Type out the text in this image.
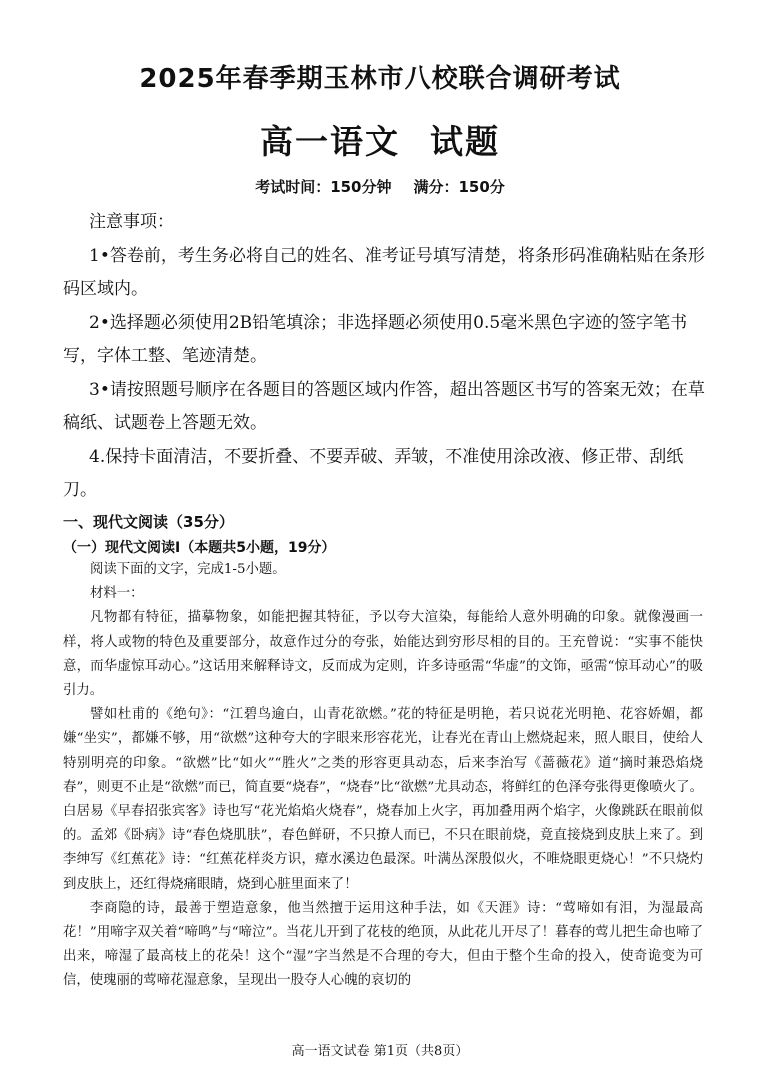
2025年春季期玉林市八校联合调研考试
高一语文 试题
考试时间：150分钟 满分：150分
注意事项：
1•答卷前，考生务必将自己的姓名、准考证号填写清楚，将条形码准确粘贴在条形码区域内。
2•选择题必须使用2B铅笔填涂；非选择题必须使用0.5毫米黑色字迹的签字笔书写，字体工整、笔迹清楚。
3•请按照题号顺序在各题目的答题区域内作答，超出答题区书写的答案无效；在草稿纸、试题卷上答题无效。
4.保持卡面清洁，不要折叠、不要弄破、弄皱，不准使用涂改液、修正带、刮纸刀。
一、现代文阅读（35分）
（一）现代文阅读Ⅰ（本题共5小题，19分）

阅读下面的文字，完成1-5小题。

材料一：

凡物都有特征，描摹物象，如能把握其特征，予以夸大渲染，每能给人意外明确的印象。就像漫画一样，将人或物的特色及重要部分，故意作过分的夸张，始能达到穷形尽相的目的。王充曾说：“实事不能快意，而华虚惊耳动心。”这话用来解释诗文，反而成为定则，许多诗亟需“华虚”的文饰，亟需“惊耳动心”的吸引力。

譬如杜甫的《绝句》：“江碧鸟逾白，山青花欲燃。”花的特征是明艳，若只说花光明艳、花容娇媚，都嫌“坐实”，都嫌不够，用“欲燃”这种夸大的字眼来形容花光，让春光在青山上燃烧起来，照人眼目，使给人特别明亮的印象。“欲燃”比“如火”“胜火”之类的形容更具动态，后来李治写《蔷薇花》道“摘时兼恐焰烧春”，则更不止是“欲燃”而已，简直要“烧春”，“烧春”比“欲燃”尤具动态，将鲜红的色泽夸张得更像喷火了。白居易《早春招张宾客》诗也写“花光焰焰火烧春”，烧春加上火字，再加叠用两个焰字，火像跳跃在眼前似的。孟郊《卧病》诗“春色烧肌肤”，春色鲜研，不只撩人而已，不只在眼前烧，竟直接烧到皮肤上来了。到李绅写《红蕉花》诗：“红蕉花样炎方识，瘴水溪边色最深。叶满丛深殷似火，不唯烧眼更烧心！”不只烧灼到皮肤上，还红得烧痛眼睛，烧到心脏里面来了！

李商隐的诗，最善于塑造意象，他当然擅于运用这种手法，如《天涯》诗：“莺啼如有泪，为湿最高花！”用啼字双关着“啼鸣”与“啼泣”。当花儿开到了花枝的绝顶，从此花儿开尽了！暮春的莺儿把生命也啼了出来，啼湿了最高枝上的花朵！这个“湿”字当然是不合理的夸大，但由于整个生命的投入，使奇诡变为可信，使瑰丽的莺啼花湿意象，呈现出一股夺人心魄的哀切的

高一语文试卷 第1页（共8页）
